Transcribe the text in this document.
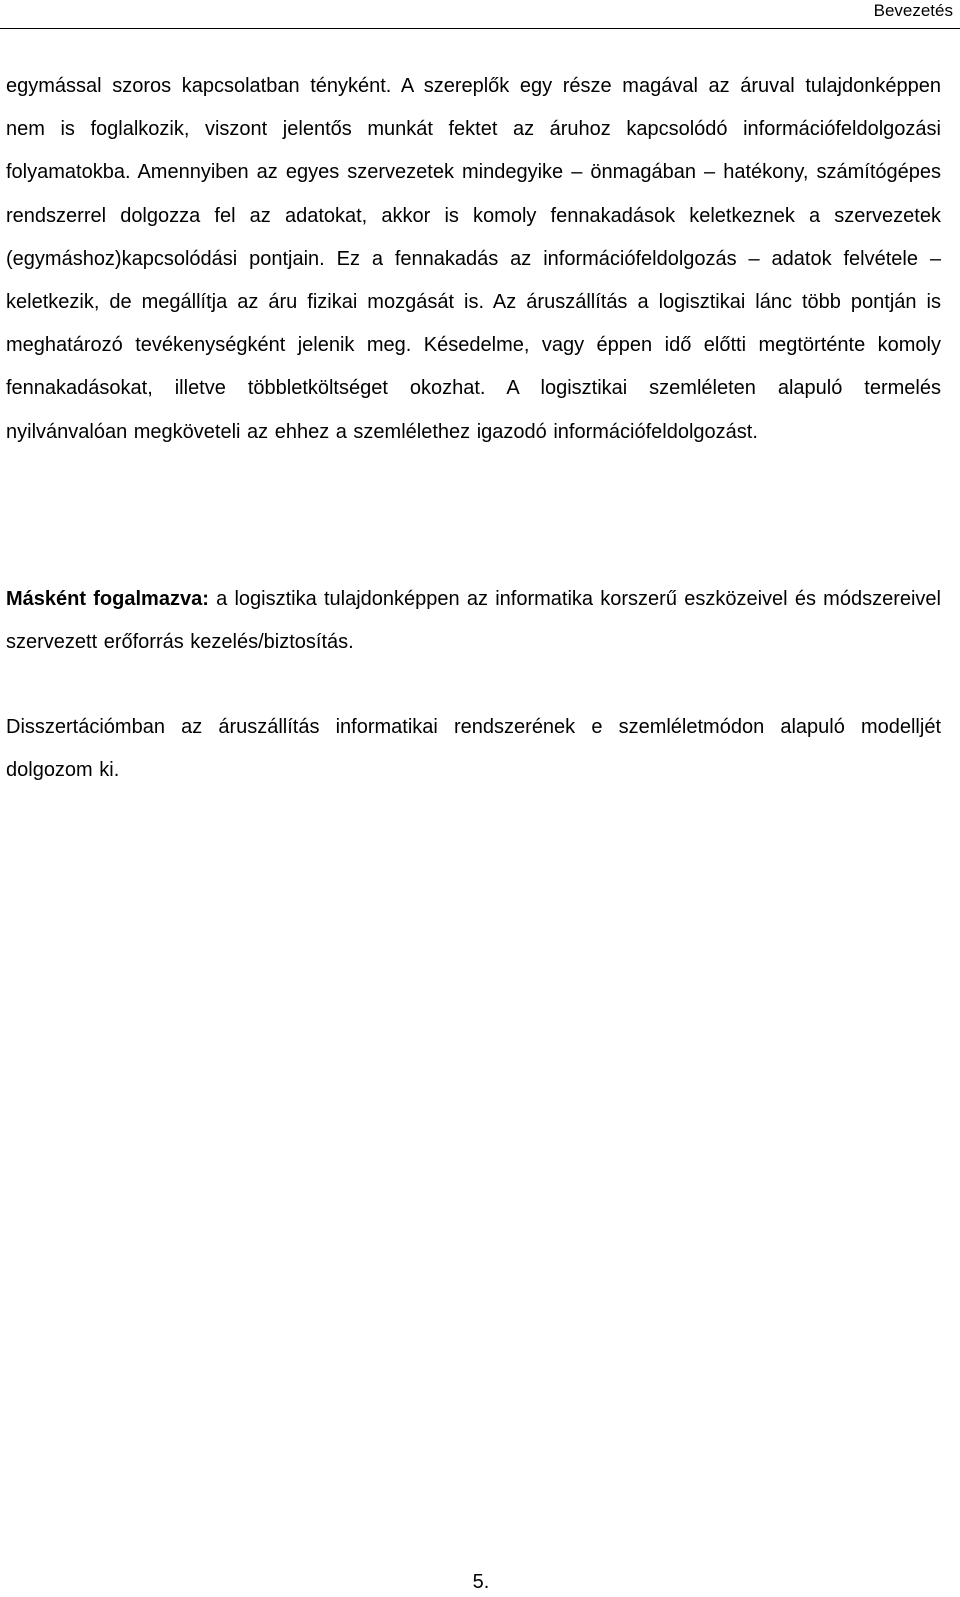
Bevezetés

egymással szoros kapcsolatban tényként. A szereplők egy része magával az áruval tulajdonképpen nem is foglalkozik, viszont jelentős munkát fektet az áruhoz kapcsolódó információfeldolgozási folyamatokba. Amennyiben az egyes szervezetek mindegyike – önmagában – hatékony, számítógépes rendszerrel dolgozza fel az adatokat, akkor is komoly fennakadások keletkeznek a szervezetek (egymáshoz)kapcsolódási pontjain. Ez a fennakadás az információfeldolgozás – adatok felvétele – keletkezik, de megállítja az áru fizikai mozgását is. Az áruszállítás a logisztikai lánc több pontján is meghatározó tevékenységként jelenik meg. Késedelme, vagy éppen idő előtti megtörténte komoly fennakadásokat, illetve többletköltséget okozhat. A logisztikai szemléleten alapuló termelés nyilvánvalóan megköveteli az ehhez a szemlélethez igazodó információfeldolgozást.

Másként fogalmazva: a logisztika tulajdonképpen az informatika korszerű eszközeivel és módszereivel szervezett erőforrás kezelés/biztosítás.

Disszertációmban az áruszállítás informatikai rendszerének e szemléletmódon alapuló modelljét dolgozom ki.

5.
